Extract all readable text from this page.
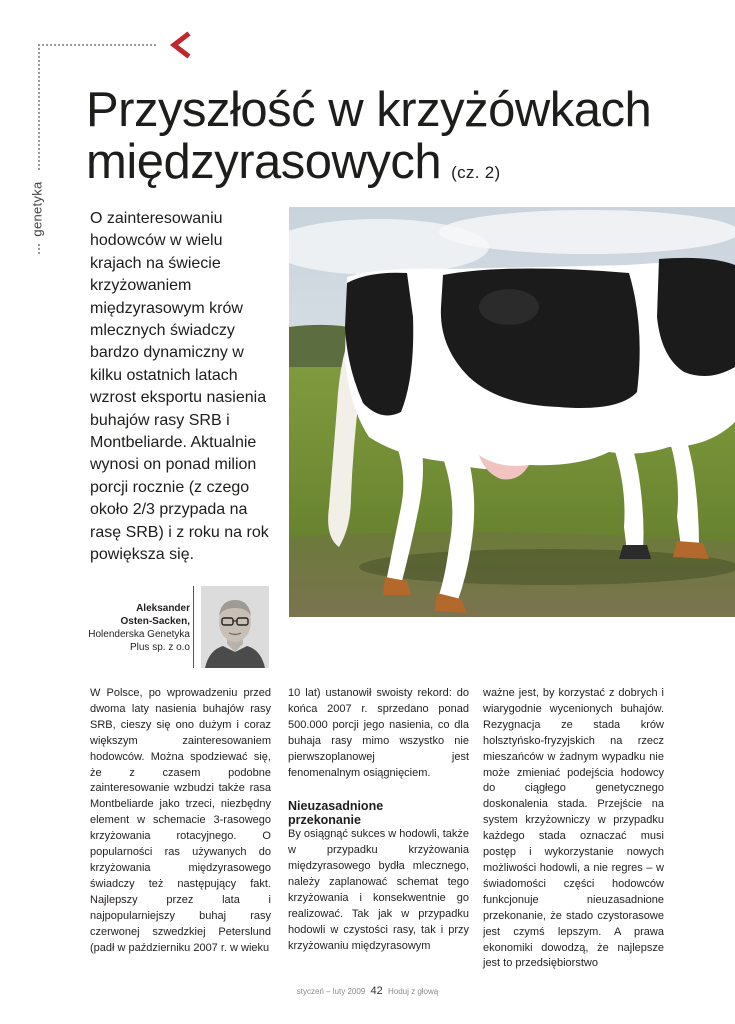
genetyka
Przyszłość w krzyżówkach
międzyrasowych (cz. 2)

O zainteresowaniu hodowców w wielu krajach na świecie krzyżowaniem międzyrasowym krów mlecznych świadczy bardzo dynamiczny w kilku ostatnich latach wzrost eksportu nasienia buhajów rasy SRB i Montbeliarde. Aktualnie wynosi on ponad milion porcji rocznie (z czego około 2/3 przypada na rasę SRB) i z roku na rok powiększa się.

Aleksander
Osten-Sacken,
Holenderska Genetyka
Plus sp. z o.o

W Polsce, po wprowadzeniu przed dwoma laty nasienia buhajów rasy SRB, cieszy się ono dużym i coraz większym zainteresowaniem hodowców. Można spodziewać się, że z czasem podobne zainteresowanie wzbudzi także rasa Montbeliarde jako trzeci, niezbędny element w schemacie 3-rasowego krzyżowania rotacyjnego. O popularności ras używanych do krzyżowania międzyrasowego świadczy też następujący fakt. Najlepszy przez lata i najpopularniejszy buhaj rasy czerwonej szwedzkiej Peterslund (padł w październiku 2007 r. w wieku

10 lat) ustanowił swoisty rekord: do końca 2007 r. sprzedano ponad 500.000 porcji jego nasienia, co dla buhaja rasy mimo wszystko nie pierwszoplanowej jest fenomenalnym osiągnięciem.

Nieuzasadnione
przekonanie

By osiągnąć sukces w hodowli, także w przypadku krzyżowania międzyrasowego bydła mlecznego, należy zaplanować schemat tego krzyżowania i konsekwentnie go realizować. Tak jak w przypadku hodowli w czystości rasy, tak i przy krzyżowaniu międzyrasowym

ważne jest, by korzystać z dobrych i wiarygodnie wycenionych buhajów. Rezygnacja ze stada krów holsztyńsko-fryzyjskich na rzecz mieszańców w żadnym wypadku nie może zmieniać podejścia hodowcy do ciągłego genetycznego doskonalenia stada. Przejście na system krzyżowniczy w przypadku każdego stada oznaczać musi postęp i wykorzystanie nowych możliwości hodowli, a nie regres – w świadomości części hodowców funkcjonuje nieuzasadnione przekonanie, że stado czystorasowe jest czymś lepszym. A prawa ekonomiki dowodzą, że najlepsze jest to przedsiębiorstwo

styczeń – luty 2009 42 Hoduj z głową
